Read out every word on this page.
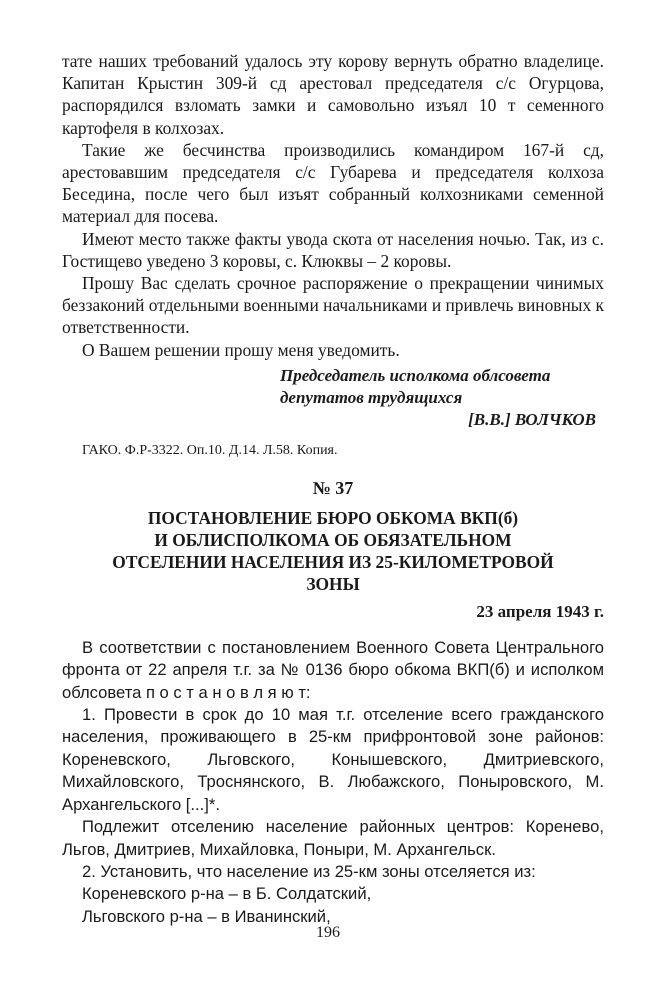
тате наших требований удалось эту корову вернуть обратно владелице. Капитан Крыстин 309-й сд арестовал председателя с/с Огурцова, распорядился взломать замки и самовольно изъял 10 т семенного картофеля в колхозах.

Такие же бесчинства производились командиром 167-й сд, арестовавшим председателя с/с Губарева и председателя колхоза Беседина, после чего был изъят собранный колхозниками семенной материал для посева.

Имеют место также факты увода скота от населения ночью. Так, из с. Гостищево уведено 3 коровы, с. Клюквы – 2 коровы.

Прошу Вас сделать срочное распоряжение о прекращении чинимых беззаконий отдельными военными начальниками и привлечь виновных к ответственности.

О Вашем решении прошу меня уведомить.

Председатель исполкома облсовета
депутатов трудящихся
[В.В.] ВОЛЧКОВ
ГАКО. Ф.Р-3322. Оп.10. Д.14. Л.58. Копия.
№ 37
ПОСТАНОВЛЕНИЕ БЮРО ОБКОМА ВКП(б)
И ОБЛИСПОЛКОМА ОБ ОБЯЗАТЕЛЬНОМ
ОТСЕЛЕНИИ НАСЕЛЕНИЯ ИЗ 25-КИЛОМЕТРОВОЙ
ЗОНЫ
23 апреля 1943 г.

В соответствии с постановлением Военного Совета Центрального фронта от 22 апреля т.г. за № 0136 бюро обкома ВКП(б) и исполком облсовета п о с т а н о в л я ю т:

1. Провести в срок до 10 мая т.г. отселение всего гражданского населения, проживающего в 25-км прифронтовой зоне районов: Кореневского, Льговского, Конышевского, Дмитриевского, Михайловского, Троснянского, В. Любажского, Поныровского, М. Архангельского [...]*.

Подлежит отселению население районных центров: Коренево, Льгов, Дмитриев, Михайловка, Поныри, М. Архангельск.

2. Установить, что население из 25-км зоны отселяется из:

Кореневского р-на – в Б. Солдатский,

Льговского р-на – в Иванинский,

196
